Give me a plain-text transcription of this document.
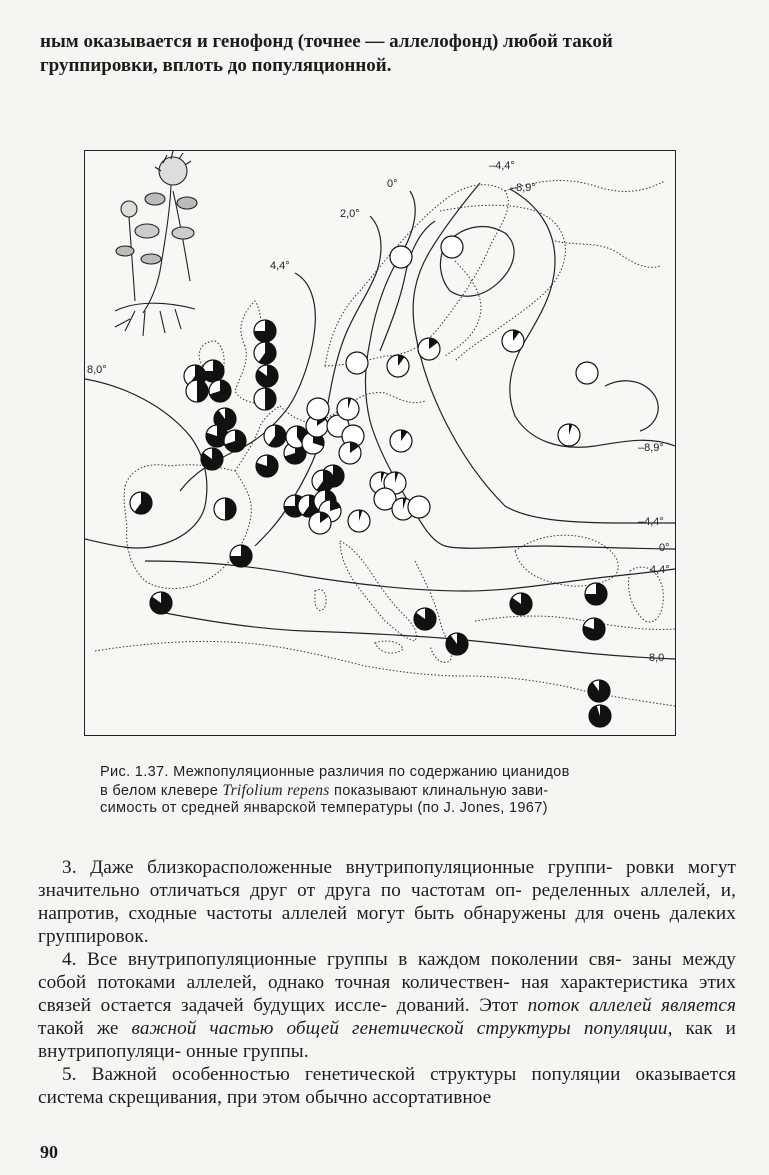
ным оказывается и генофонд (точнее — аллелофонд) любой такой

группировки, вплоть до популяционной.

–4,4°
0°	–8,9°
2,0°
4,4°
8,0°
–8,9°
–4,4°
0°
4,4°
8,0
Рис. 1.37. Межпопуляционные различия по содержанию цианидов
в белом клевере Trifolium repens показывают клинальную зави-
симость от средней январской температуры (по J. Jones, 1967)

3. Даже близкорасположенные внутрипопуляционные группи- ровки могут значительно отличаться друг от друга по частотам оп- ределенных аллелей, и, напротив, сходные частоты аллелей могут быть обнаружены для очень далеких группировок.

4. Все внутрипопуляционные группы в каждом поколении свя- заны между собой потоками аллелей, однако точная количествен- ная характеристика этих связей остается задачей будущих иссле- дований. Этот поток аллелей является такой же важной частью общей генетической структуры популяции, как и внутрипопуляци- онные группы.

5. Важной особенностью генетической структуры популяции оказывается система скрещивания, при этом обычно ассортативное

90
